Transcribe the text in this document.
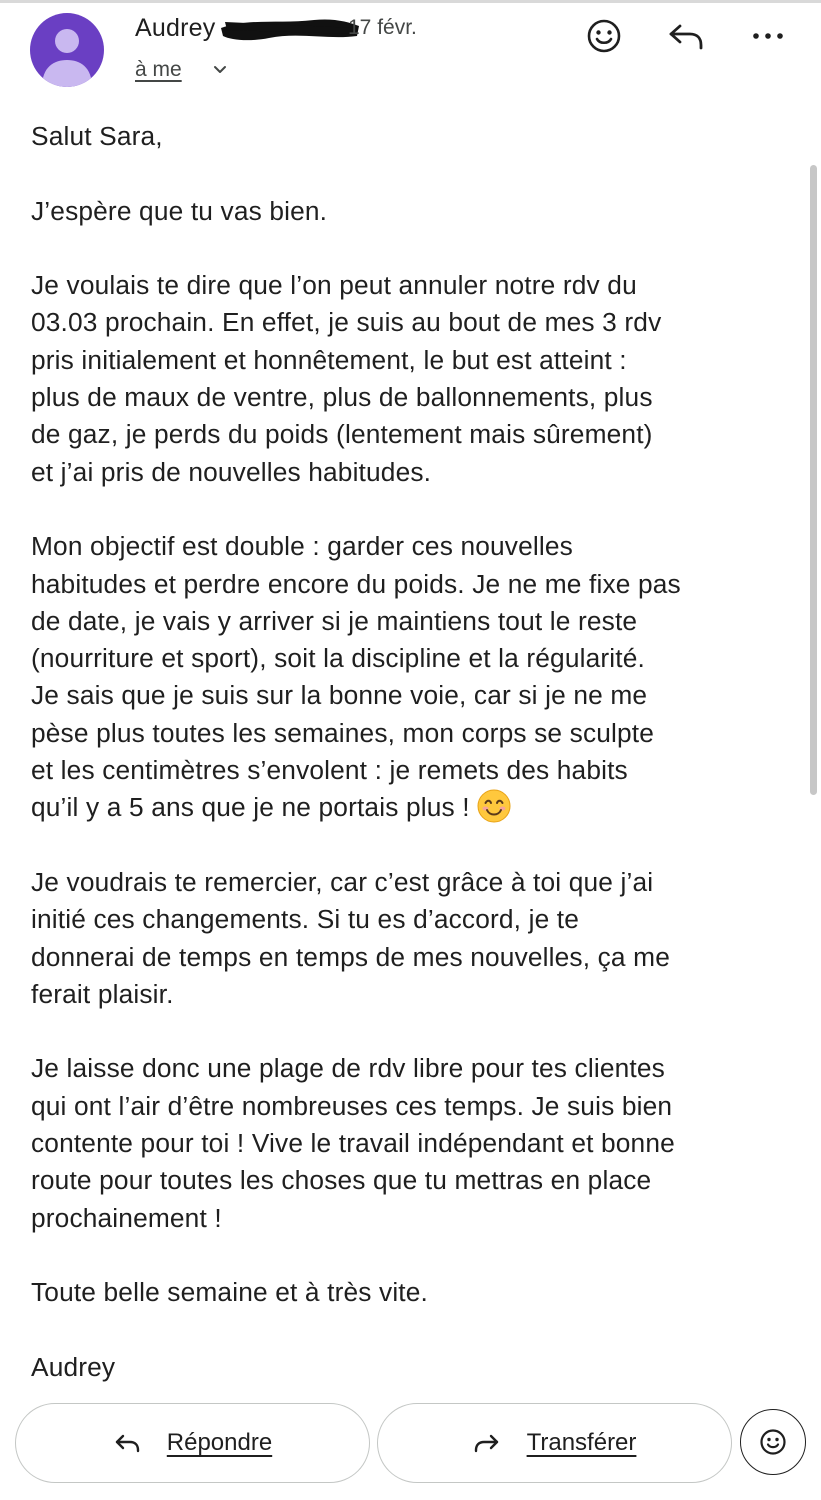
Audrey	17 févr.
à me

Salut Sara,

J’espère que tu vas bien.

Je voulais te dire que l’on peut annuler notre rdv du
03.03 prochain. En effet, je suis au bout de mes 3 rdv
pris initialement et honnêtement, le but est atteint :
plus de maux de ventre, plus de ballonnements, plus
de gaz, je perds du poids (lentement mais sûrement)
et j’ai pris de nouvelles habitudes.

Mon objectif est double : garder ces nouvelles
habitudes et perdre encore du poids. Je ne me fixe pas
de date, je vais y arriver si je maintiens tout le reste
(nourriture et sport), soit la discipline et la régularité.
Je sais que je suis sur la bonne voie, car si je ne me
pèse plus toutes les semaines, mon corps se sculpte
et les centimètres s’envolent : je remets des habits
qu’il y a 5 ans que je ne portais plus !

Je voudrais te remercier, car c’est grâce à toi que j’ai
initié ces changements. Si tu es d’accord, je te
donnerai de temps en temps de mes nouvelles, ça me
ferait plaisir.

Je laisse donc une plage de rdv libre pour tes clientes
qui ont l’air d’être nombreuses ces temps. Je suis bien
contente pour toi ! Vive le travail indépendant et bonne
route pour toutes les choses que tu mettras en place
prochainement !

Toute belle semaine et à très vite.

Audrey

Répondre	Transférer
